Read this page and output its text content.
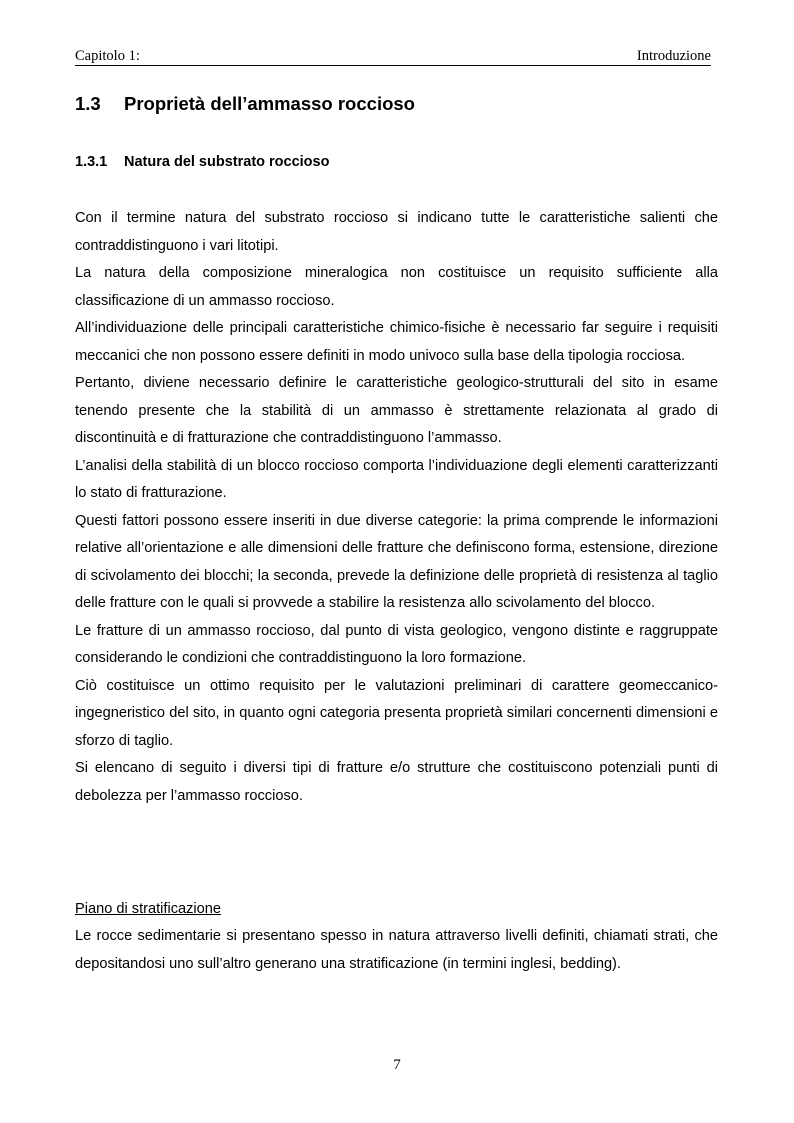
Capitolo 1:	Introduzione
1.3 Proprietà dell’ammasso roccioso
1.3.1 Natura del substrato roccioso

Con il termine natura del substrato roccioso si indicano tutte le caratteristiche salienti che contraddistinguono i vari litotipi.

La natura della composizione mineralogica non costituisce un requisito sufficiente alla classificazione di un ammasso roccioso.

All’individuazione delle principali caratteristiche chimico-fisiche è necessario far seguire i requisiti meccanici che non possono essere definiti in modo univoco sulla base della tipologia rocciosa.

Pertanto, diviene necessario definire le caratteristiche geologico-strutturali del sito in esame tenendo presente che la stabilità di un ammasso è strettamente relazionata al grado di discontinuità e di fratturazione che contraddistinguono l’ammasso.

L’analisi della stabilità di un blocco roccioso comporta l’individuazione degli elementi caratterizzanti lo stato di fratturazione.

Questi fattori possono essere inseriti in due diverse categorie: la prima comprende le informazioni relative all’orientazione e alle dimensioni delle fratture che definiscono forma, estensione, direzione di scivolamento dei blocchi; la seconda, prevede la definizione delle proprietà di resistenza al taglio delle fratture con le quali si provvede a stabilire la resistenza allo scivolamento del blocco.

Le fratture di un ammasso roccioso, dal punto di vista geologico, vengono distinte e raggruppate considerando le condizioni che contraddistinguono la loro formazione.

Ciò costituisce un ottimo requisito per le valutazioni preliminari di carattere geomeccanico-ingegneristico del sito, in quanto ogni categoria presenta proprietà similari concernenti dimensioni e sforzo di taglio.

Si elencano di seguito i diversi tipi di fratture e/o strutture che costituiscono potenziali punti di debolezza per l’ammasso roccioso.

Piano di stratificazione

Le rocce sedimentarie si presentano spesso in natura attraverso livelli definiti, chiamati strati, che depositandosi uno sull’altro generano una stratificazione (in termini inglesi, bedding).

7
